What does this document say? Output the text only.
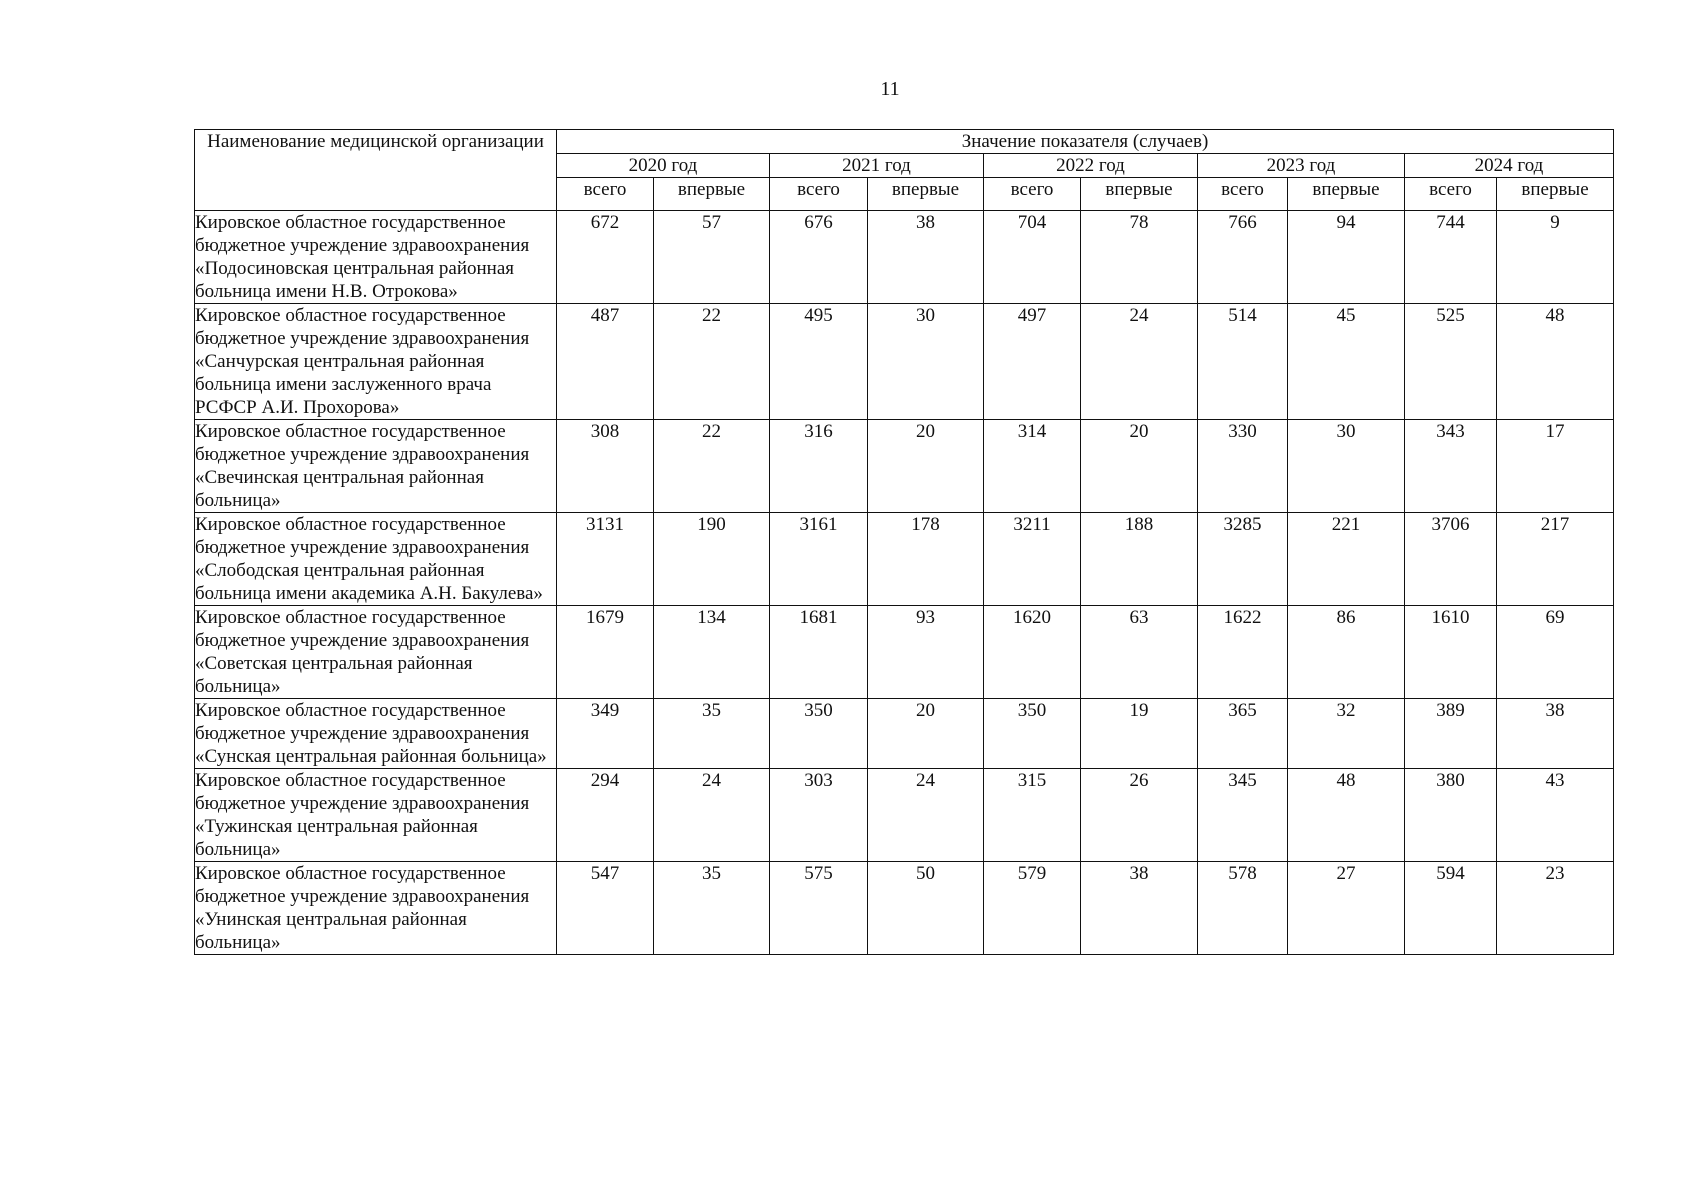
11
Наименование медицинской организации	Значение показателя (случаев)									
	2020 год		2021 год		2022 год		2023 год		2024 год	
	всего	впервые	всего	впервые	всего	впервые	всего	впервые	всего	впервые
Кировское областное государственное бюджетное учреждение здравоохранения «Подосиновская центральная районная больница имени Н.В. Отрокова»	672	57	676	38	704	78	766	94	744	9
Кировское областное государственное бюджетное учреждение здравоохранения «Санчурская центральная районная больница имени заслуженного врача РСФСР А.И. Прохорова»	487	22	495	30	497	24	514	45	525	48
Кировское областное государственное бюджетное учреждение здравоохранения «Свечинская центральная районная больница»	308	22	316	20	314	20	330	30	343	17
Кировское областное государственное бюджетное учреждение здравоохранения «Слободская центральная районная больница имени академика А.Н. Бакулева»	3131	190	3161	178	3211	188	3285	221	3706	217
Кировское областное государственное бюджетное учреждение здравоохранения «Советская центральная районная больница»	1679	134	1681	93	1620	63	1622	86	1610	69
Кировское областное государственное бюджетное учреждение здравоохранения «Сунская центральная районная больница»	349	35	350	20	350	19	365	32	389	38
Кировское областное государственное бюджетное учреждение здравоохранения «Тужинская центральная районная больница»	294	24	303	24	315	26	345	48	380	43
Кировское областное государственное бюджетное учреждение здравоохранения «Унинская центральная районная больница»	547	35	575	50	579	38	578	27	594	23
